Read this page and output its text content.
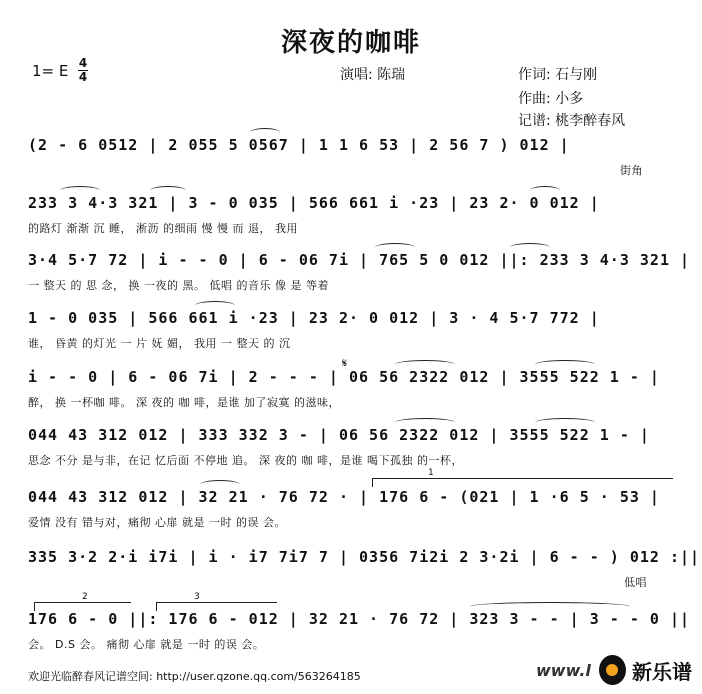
深夜的咖啡
1= E 4
4	演唱: 陈瑞	作词: 石与刚
作曲: 小多
记谱: 桃李醉春风
(2 - 6 0512 | 2 055 5 0567 | 1 1 6 53 | 2 56 7 ) 012 |
街角
233 3 4·3 321 | 3 - 0 035 | 566 661 i ·23 | 23 2· 0 012 |
的路灯 渐渐 沉 睡， 淅沥 的细雨 慢 慢 而 退， 我用
3·4 5·7 72 | i - - 0 | 6 - 06 7i | 765 5 0 012 ||: 233 3 4·3 321 |
一 整天 的 思 念， 换 一夜的 黑。 低唱 的音乐 像 是 等着
1 - 0 035 | 566 661 i ·23 | 23 2· 0 012 | 3 · 4 5·7 772 |
谁， 昏黄 的灯光 一 片 妩 媚， 我用 一 整天 的 沉
i - - 0 | 6 - 06 7i | 2 - - - | 06 56 2322 012 | 3555 522 1 - |
醉， 换 一杯咖 啡。 深 夜的 咖 啡，是谁 加了寂寞 的滋味，
044 43 312 012 | 333 332 3 - | 06 56 2322 012 | 3555 522 1 - |
思念 不分 是与非，在记 忆后面 不停地 追。 深 夜的 咖 啡，是谁 喝下孤独 的一杯，
044 43 312 012 | 32 21 · 76 72 · | 176 6 - (021 | 1 ·6 5 · 53 |
爱情 没有 错与对，痛彻 心扉 就是 一时 的误 会。
335 3·2 2·i i7i | i · i7 7i7 7 | 0356 7i2i 2 3·2i | 6 - - ) 012 :||
低唱
176 6 - 0 ||: 176 6 - 012 | 32 21 · 76 72 | 323 3 - - | 3 - - 0 ||
会。 D.S 会。 痛彻 心扉 就是 一时 的误 会。
1
2	3
𝄋
欢迎光临醉春风记谱空间: http://user.qzone.qq.com/563264185	www.l 新乐谱
